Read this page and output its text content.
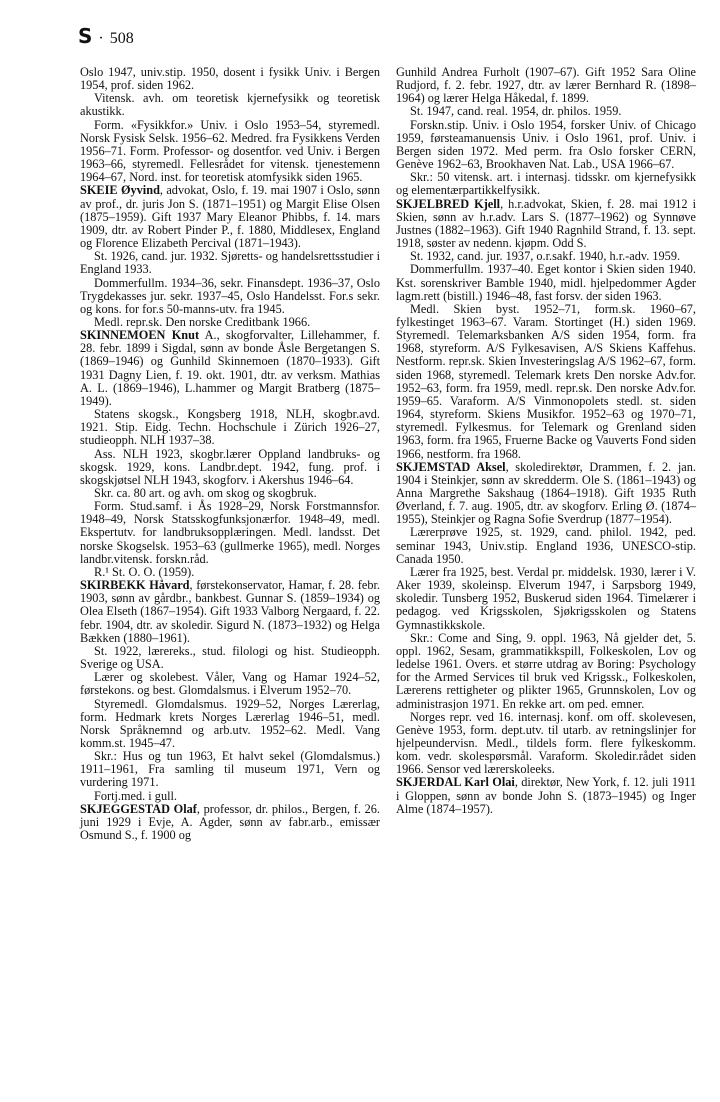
S · 508

Oslo 1947, univ.stip. 1950, dosent i fysikk Univ. i Bergen 1954, prof. siden 1962.

Vitensk. avh. om teoretisk kjernefysikk og teoretisk akustikk.

Form. «Fysikkfor.» Univ. i Oslo 1953–54, styremedl. Norsk Fysisk Selsk. 1956–62. Medred. fra Fysikkens Verden 1956–71. Form. Professor- og dosentfor. ved Univ. i Bergen 1963–66, styremedl. Fellesrådet for vitensk. tjenestemenn 1964–67, Nord. inst. for teoretisk atomfysikk siden 1965.

SKEIE Øyvind, advokat, Oslo, f. 19. mai 1907 i Oslo, sønn av prof., dr. juris Jon S. (1871–1951) og Margit Elise Olsen (1875–1959). Gift 1937 Mary Eleanor Phibbs, f. 14. mars 1909, dtr. av Robert Pinder P., f. 1880, Middlesex, England og Florence Elizabeth Percival (1871–1943).

St. 1926, cand. jur. 1932. Sjøretts- og handelsrettsstudier i England 1933.

Dommerfullm. 1934–36, sekr. Finansdept. 1936–37, Oslo Trygdekasses jur. sekr. 1937–45, Oslo Handelsst. For.s sekr. og kons. for for.s 50-manns-utv. fra 1945.

Medl. repr.sk. Den norske Creditbank 1966.

SKINNEMOEN Knut A., skogforvalter, Lillehammer, f. 28. febr. 1899 i Sigdal, sønn av bonde Åsle Bergetangen S. (1869–1946) og Gunhild Skinnemoen (1870–1933). Gift 1931 Dagny Lien, f. 19. okt. 1901, dtr. av verksm. Mathias A. L. (1869–1946), L.hammer og Margit Bratberg (1875–1949).

Statens skogsk., Kongsberg 1918, NLH, skogbr.avd. 1921. Stip. Eidg. Techn. Hochschule i Zürich 1926–27, studieopph. NLH 1937–38.

Ass. NLH 1923, skogbr.lærer Oppland landbruks- og skogsk. 1929, kons. Landbr.dept. 1942, fung. prof. i skogskjøtsel NLH 1943, skogforv. i Akershus 1946–64.

Skr. ca. 80 art. og avh. om skog og skogbruk.

Form. Stud.samf. i Ås 1928–29, Norsk Forstmannsfor. 1948–49, Norsk Statsskogfunksjonærfor. 1948–49, medl. Ekspertutv. for landbruksopplæringen. Medl. landsst. Det norske Skogselsk. 1953–63 (gullmerke 1965), medl. Norges landbr.vitensk. forskn.råd.

R.¹ St. O. O. (1959).

SKIRBEKK Håvard, førstekonservator, Hamar, f. 28. febr. 1903, sønn av gårdbr., bankbest. Gunnar S. (1859–1934) og Olea Elseth (1867–1954). Gift 1933 Valborg Nergaard, f. 22. febr. 1904, dtr. av skoledir. Sigurd N. (1873–1932) og Helga Bækken (1880–1961).

St. 1922, lærereks., stud. filologi og hist. Studieopph. Sverige og USA.

Lærer og skolebest. Våler, Vang og Hamar 1924–52, førstekons. og best. Glomdalsmus. i Elverum 1952–70.

Styremedl. Glomdalsmus. 1929–52, Norges Lærerlag, form. Hedmark krets Norges Lærerlag 1946–51, medl. Norsk Språknemnd og arb.utv. 1952–62. Medl. Vang komm.st. 1945–47.

Skr.: Hus og tun 1963, Et halvt sekel (Glomdalsmus.) 1911–1961, Fra samling til museum 1971, Vern og vurdering 1971.

Fortj.med. i gull.

SKJEGGESTAD Olaf, professor, dr. philos., Bergen, f. 26. juni 1929 i Evje, A. Agder, sønn av fabr.arb., emissær Osmund S., f. 1900 og

Gunhild Andrea Furholt (1907–67). Gift 1952 Sara Oline Rudjord, f. 2. febr. 1927, dtr. av lærer Bernhard R. (1898–1964) og lærer Helga Håkedal, f. 1899.

St. 1947, cand. real. 1954, dr. philos. 1959.

Forskn.stip. Univ. i Oslo 1954, forsker Univ. of Chicago 1959, førsteamanuensis Univ. i Oslo 1961, prof. Univ. i Bergen siden 1972. Med perm. fra Oslo forsker CERN, Genève 1962–63, Brookhaven Nat. Lab., USA 1966–67.

Skr.: 50 vitensk. art. i internasj. tidsskr. om kjernefysikk og elementærpartikkelfysikk.

SKJELBRED Kjell, h.r.advokat, Skien, f. 28. mai 1912 i Skien, sønn av h.r.adv. Lars S. (1877–1962) og Synnøve Justnes (1882–1963). Gift 1940 Ragnhild Strand, f. 13. sept. 1918, søster av nedenn. kjøpm. Odd S.

St. 1932, cand. jur. 1937, o.r.sakf. 1940, h.r.-adv. 1959.

Dommerfullm. 1937–40. Eget kontor i Skien siden 1940. Kst. sorenskriver Bamble 1940, midl. hjelpedommer Agder lagm.rett (bistill.) 1946–48, fast forsv. der siden 1963.

Medl. Skien byst. 1952–71, form.sk. 1960–67, fylkestinget 1963–67. Varam. Stortinget (H.) siden 1969. Styremedl. Telemarksbanken A/S siden 1954, form. fra 1968, styreform. A/S Fylkesavisen, A/S Skiens Kaffehus. Nestform. repr.sk. Skien Investeringslag A/S 1962–67, form. siden 1968, styremedl. Telemark krets Den norske Adv.for. 1952–63, form. fra 1959, medl. repr.sk. Den norske Adv.for. 1959–65. Varaform. A/S Vinmonopolets stedl. st. siden 1964, styreform. Skiens Musikfor. 1952–63 og 1970–71, styremedl. Fylkesmus. for Telemark og Grenland siden 1963, form. fra 1965, Fruerne Backe og Vauverts Fond siden 1966, nestform. fra 1968.

SKJEMSTAD Aksel, skoledirektør, Drammen, f. 2. jan. 1904 i Steinkjer, sønn av skredderm. Ole S. (1861–1943) og Anna Margrethe Sakshaug (1864–1918). Gift 1935 Ruth Øverland, f. 7. aug. 1905, dtr. av skogforv. Erling Ø. (1874–1955), Steinkjer og Ragna Sofie Sverdrup (1877–1954).

Lærerprøve 1925, st. 1929, cand. philol. 1942, ped. seminar 1943, Univ.stip. England 1936, UNESCO-stip. Canada 1950.

Lærer fra 1925, best. Verdal pr. middelsk. 1930, lærer i V. Aker 1939, skoleinsp. Elverum 1947, i Sarpsborg 1949, skoledir. Tunsberg 1952, Buskerud siden 1964. Timelærer i pedagog. ved Krigsskolen, Sjøkrigsskolen og Statens Gymnastikkskole.

Skr.: Come and Sing, 9. oppl. 1963, Nå gjelder det, 5. oppl. 1962, Sesam, grammatikkspill, Folkeskolen, Lov og ledelse 1961. Overs. et større utdrag av Boring: Psychology for the Armed Services til bruk ved Krigssk., Folkeskolen, Lærerens rettigheter og plikter 1965, Grunnskolen, Lov og administrasjon 1971. En rekke art. om ped. emner.

Norges repr. ved 16. internasj. konf. om off. skolevesen, Genève 1953, form. dept.utv. til utarb. av retningslinjer for hjelpeundervisn. Medl., tildels form. flere fylkeskomm. kom. vedr. skolespørsmål. Varaform. Skoledir.rådet siden 1966. Sensor ved lærerskoleeks.

SKJERDAL Karl Olai, direktør, New York, f. 12. juli 1911 i Gloppen, sønn av bonde John S. (1873–1945) og Inger Alme (1874–1957).
